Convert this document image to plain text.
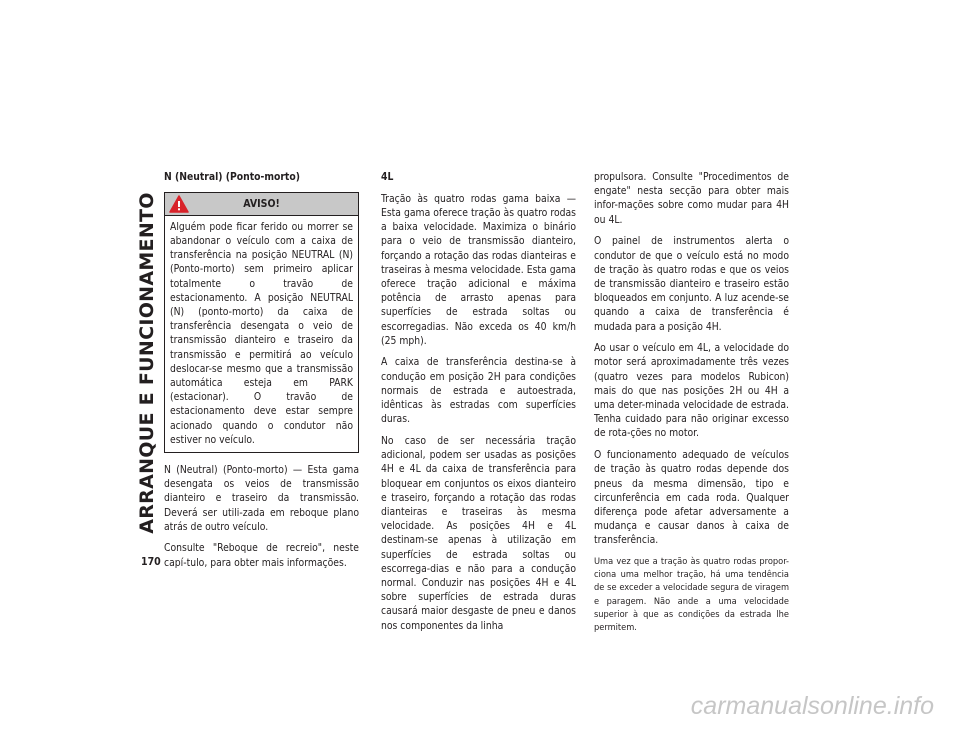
ARRANQUE E FUNCIONAMENTO
170

N (Neutral) (Ponto-morto)

AVISO!
Alguém pode ficar ferido ou morrer se abandonar o veículo com a caixa de transferência na posição NEUTRAL (N)(Ponto-morto) sem primeiro aplicar totalmente o travão de estacionamento. A posição NEUTRAL (N) (ponto-morto) da caixa de transferência desengata o veio de transmissão dianteiro e traseiro da transmissão e permitirá ao veículo deslocar-se mesmo que a transmissão automática esteja em PARK (estacionar). O travão de estacionamento deve estar sempre acionado quando o condutor não estiver no veículo.

N (Neutral) (Ponto-morto) — Esta gama desengata os veios de transmissão dianteiro e traseiro da transmissão. Deverá ser utili-zada em reboque plano atrás de outro veículo.

Consulte "Reboque de recreio", neste capí-tulo, para obter mais informações.

4L

Tração às quatro rodas gama baixa — Esta gama oferece tração às quatro rodas a baixa velocidade. Maximiza o binário para o veio de transmissão dianteiro, forçando a rotação das rodas dianteiras e traseiras à mesma velocidade. Esta gama oferece tração adicional e máxima potência de arrasto apenas para superfícies de estrada soltas ou escorregadias. Não exceda os 40 km/h (25 mph).

A caixa de transferência destina-se à condução em posição 2H para condições normais de estrada e autoestrada, idênticas às estradas com superfícies duras.

No caso de ser necessária tração adicional, podem ser usadas as posições 4H e 4L da caixa de transferência para bloquear em conjuntos os eixos dianteiro e traseiro, forçando a rotação das rodas dianteiras e traseiras às mesma velocidade. As posições 4H e 4L destinam-se apenas à utilização em superfícies de estrada soltas ou escorrega-dias e não para a condução normal. Conduzir nas posições 4H e 4L sobre superfícies de estrada duras causará maior desgaste de pneu e danos nos componentes da linha

propulsora. Consulte "Procedimentos de engate" nesta secção para obter mais infor-mações sobre como mudar para 4H ou 4L.

O painel de instrumentos alerta o condutor de que o veículo está no modo de tração às quatro rodas e que os veios de transmissão dianteiro e traseiro estão bloqueados em conjunto. A luz acende-se quando a caixa de transferência é mudada para a posição 4H.

Ao usar o veículo em 4L, a velocidade do motor será aproximadamente três vezes (quatro vezes para modelos Rubicon) mais do que nas posições 2H ou 4H a uma deter-minada velocidade de estrada. Tenha cuidado para não originar excesso de rota-ções no motor.

O funcionamento adequado de veículos de tração às quatro rodas depende dos pneus da mesma dimensão, tipo e circunferência em cada roda. Qualquer diferença pode afetar adversamente a mudança e causar danos à caixa de transferência.

Uma vez que a tração às quatro rodas propor-ciona uma melhor tração, há uma tendência de se exceder a velocidade segura de viragem e paragem. Não ande a uma velocidade superior à que as condições da estrada lhe permitem.

carmanualsonline.info
